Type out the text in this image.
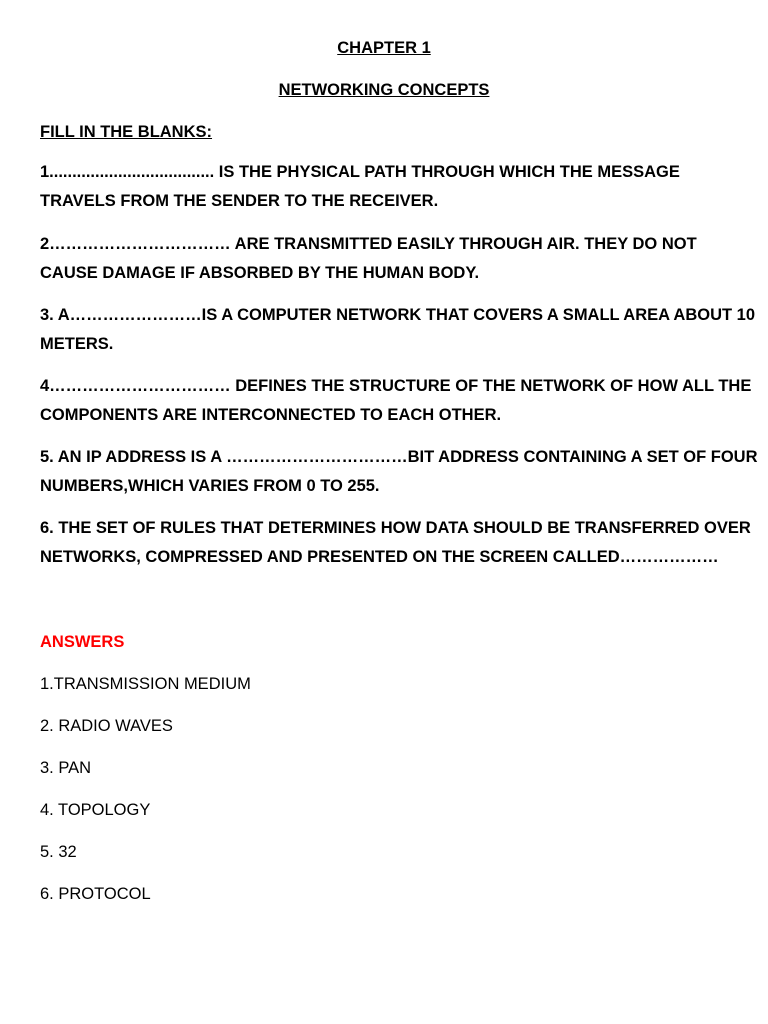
CHAPTER 1
NETWORKING CONCEPTS

FILL IN THE BLANKS:

1.................................... IS THE PHYSICAL PATH THROUGH WHICH THE MESSAGE TRAVELS FROM THE SENDER TO THE RECEIVER.

2…………………………… ARE TRANSMITTED EASILY THROUGH AIR. THEY DO NOT CAUSE DAMAGE IF ABSORBED BY THE HUMAN BODY.

3. A……………………IS A COMPUTER NETWORK THAT COVERS A SMALL AREA ABOUT 10 METERS.

4…………………………… DEFINES THE STRUCTURE OF THE NETWORK OF HOW ALL THE COMPONENTS ARE INTERCONNECTED TO EACH OTHER.

5. AN IP ADDRESS IS A ……………………………BIT ADDRESS CONTAINING A SET OF FOUR NUMBERS,WHICH VARIES FROM 0 TO 255.

6. THE SET OF RULES THAT DETERMINES HOW DATA SHOULD BE TRANSFERRED OVER NETWORKS, COMPRESSED AND PRESENTED ON THE SCREEN CALLED………………

ANSWERS

1.TRANSMISSION MEDIUM

2. RADIO WAVES

3. PAN

4. TOPOLOGY

5. 32

6. PROTOCOL
